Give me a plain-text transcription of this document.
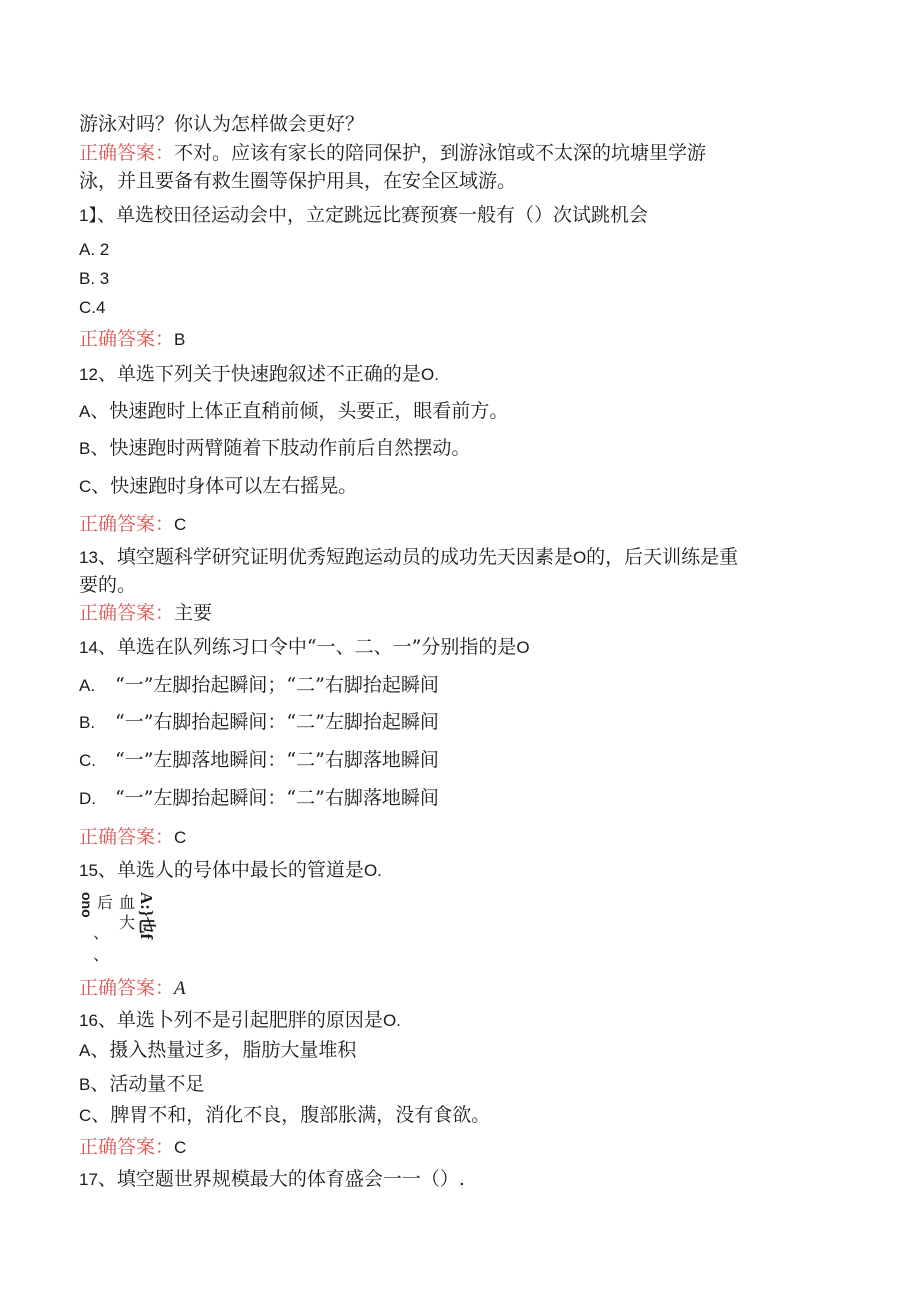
游泳对吗？你认为怎样做会更好？
正确答案：不对。应该有家长的陪同保护，到游泳馆或不太深的坑塘里学游
泳，并且要备有救生圈等保护用具，在安全区域游。
1】、单选校田径运动会中，立定跳远比赛预赛一般有（）次试跳机会
A. 2
B. 3
C.4
正确答案：B
12、单选下列关于快速跑叙述不正确的是O.
A、快速跑时上体正直稍前倾，头要正，眼看前方。
B、快速跑时两臂随着下肢动作前后自然摆动。
C、快速跑时身体可以左右摇晃。
正确答案：C
13、填空题科学研究证明优秀短跑运动员的成功先天因素是O的，后天训练是重
要的。
正确答案：主要
14、单选在队列练习口令中“一、二、一”分别指的是O
A. “一”左脚抬起瞬间；“二”右脚抬起瞬间
B. “一”右脚抬起瞬间：“二”左脚抬起瞬间
C. “一”左脚落地瞬间：“二”右脚落地瞬间
D. “一”左脚抬起瞬间：“二”右脚落地瞬间
正确答案：C
15、单选人的号体中最长的管道是O.
ono 后
、
、
血
大 A:}也f
正确答案：A
16、单选卜列不是引起肥胖的原因是O.
A、摄入热量过多，脂肪大量堆积
B、活动量不足
C、脾胃不和，消化不良，腹部胀满，没有食欲。
正确答案：C
17、填空题世界规模最大的体育盛会一一（）.
